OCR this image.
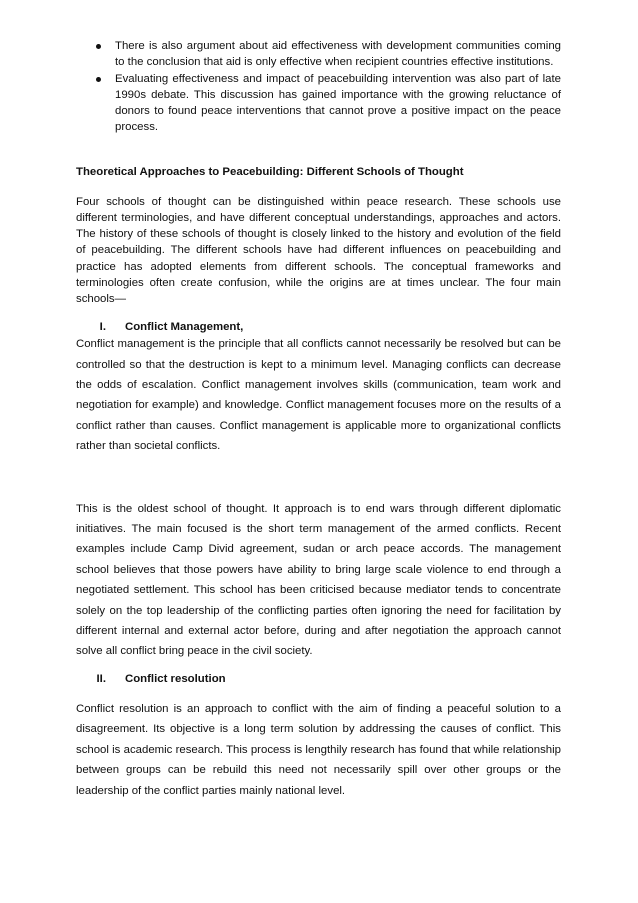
There is also argument about aid effectiveness with development communities coming to the conclusion that aid is only effective when recipient countries effective institutions.
Evaluating effectiveness and impact of peacebuilding intervention was also part of late 1990s debate. This discussion has gained importance with the growing reluctance of donors to found peace interventions that cannot prove a positive impact on the peace process.
Theoretical Approaches to Peacebuilding: Different Schools of Thought

Four schools of thought can be distinguished within peace research. These schools use different terminologies, and have different conceptual understandings, approaches and actors. The history of these schools of thought is closely linked to the history and evolution of the field of peacebuilding. The different schools have had different influences on peacebuilding and practice has adopted elements from different schools. The conceptual frameworks and terminologies often create confusion, while the origins are at times unclear. The four main schools—

I.	Conflict Management,

Conflict management is the principle that all conflicts cannot necessarily be resolved but can be controlled so that the destruction is kept to a minimum level. Managing conflicts can decrease the odds of escalation. Conflict management involves skills (communication, team work and negotiation for example) and knowledge. Conflict management focuses more on the results of a conflict rather than causes. Conflict management is applicable more to organizational conflicts rather than societal conflicts.

This is the oldest school of thought. It approach is to end wars through different diplomatic initiatives. The main focused is the short term management of the armed conflicts. Recent examples include Camp Divid agreement, sudan or arch peace accords. The management school believes that those powers have ability to bring large scale violence to end through a negotiated settlement. This school has been criticised because mediator tends to concentrate solely on the top leadership of the conflicting parties often ignoring the need for facilitation by different internal and external actor before, during and after negotiation the approach cannot solve all conflict bring peace in the civil society.

II.	Conflict resolution

Conflict resolution is an approach to conflict with the aim of finding a peaceful solution to a disagreement. Its objective is a long term solution by addressing the causes of conflict. This school is academic research. This process is lengthily research has found that while relationship between groups can be rebuild this need not necessarily spill over other groups or the leadership of the conflict parties mainly national level.
